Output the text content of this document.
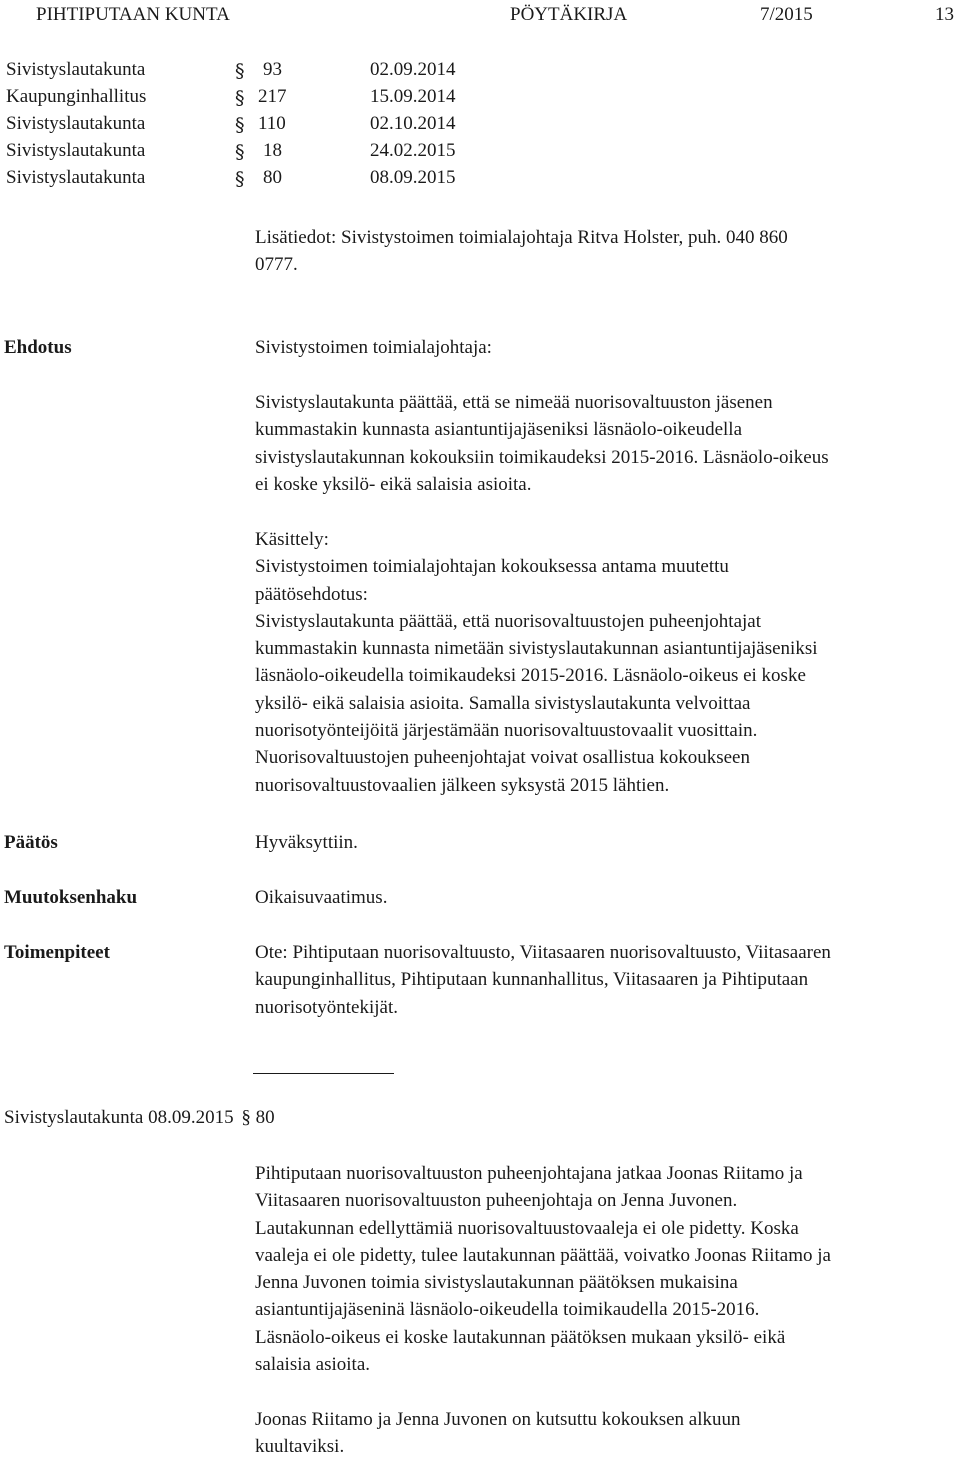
PIHTIPUTAAN KUNTA	PÖYTÄKIRJA	7/2015	13
Sivistyslautakunta	§ 93	02.09.2014
Kaupunginhallitus	§ 217	15.09.2014
Sivistyslautakunta	§ 110	02.10.2014
Sivistyslautakunta	§ 18	24.02.2015
Sivistyslautakunta	§ 80	08.09.2015
Lisätiedot: Sivistystoimen toimialajohtaja Ritva Holster, puh. 040 860
0777.
Ehdotus	Sivistystoimen toimialajohtaja:
Sivistyslautakunta päättää, että se nimeää nuorisovaltuuston jäsenen
kummastakin kunnasta asiantuntijajäseniksi läsnäolo-oikeudella
sivistyslautakunnan kokouksiin toimikaudeksi 2015-2016. Läsnäolo-oikeus
ei koske yksilö- eikä salaisia asioita.
Käsittely:
Sivistystoimen toimialajohtajan kokouksessa antama muutettu
päätösehdotus:
Sivistyslautakunta päättää, että nuorisovaltuustojen puheenjohtajat
kummastakin kunnasta nimetään sivistyslautakunnan asiantuntijajäseniksi
läsnäolo-oikeudella toimikaudeksi 2015-2016. Läsnäolo-oikeus ei koske
yksilö- eikä salaisia asioita. Samalla sivistyslautakunta velvoittaa
nuorisotyönteijöitä järjestämään nuorisovaltuustovaalit vuosittain.
Nuorisovaltuustojen puheenjohtajat voivat osallistua kokoukseen
nuorisovaltuustovaalien jälkeen syksystä 2015 lähtien.
Päätös	Hyväksyttiin.
Muutoksenhaku	Oikaisuvaatimus.
Toimenpiteet	Ote: Pihtiputaan nuorisovaltuusto, Viitasaaren nuorisovaltuusto, Viitasaaren
kaupunginhallitus, Pihtiputaan kunnanhallitus, Viitasaaren ja Pihtiputaan
nuorisotyöntekijät.
Sivistyslautakunta 08.09.2015 § 80
Pihtiputaan nuorisovaltuuston puheenjohtajana jatkaa Joonas Riitamo ja
Viitasaaren nuorisovaltuuston puheenjohtaja on Jenna Juvonen.
Lautakunnan edellyttämiä nuorisovaltuustovaaleja ei ole pidetty. Koska
vaaleja ei ole pidetty, tulee lautakunnan päättää, voivatko Joonas Riitamo ja
Jenna Juvonen toimia sivistyslautakunnan päätöksen mukaisina
asiantuntijajäseninä läsnäolo-oikeudella toimikaudella 2015-2016.
Läsnäolo-oikeus ei koske lautakunnan päätöksen mukaan yksilö- eikä
salaisia asioita.
Joonas Riitamo ja Jenna Juvonen on kutsuttu kokouksen alkuun
kuultaviksi.
